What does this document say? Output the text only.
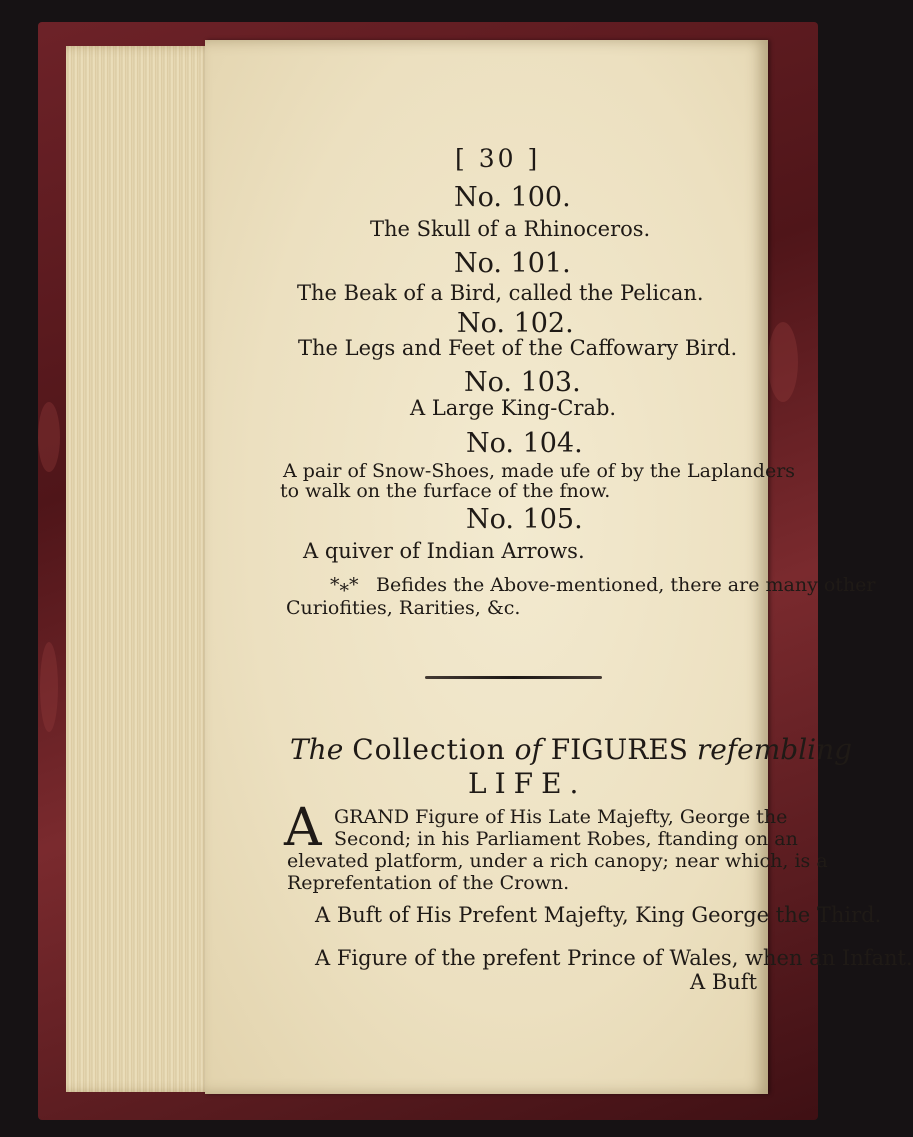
[ 30 ]
No. 100.
The Skull of a Rhinoceros.
No. 101.
The Beak of a Bird, called the Pelican.
No. 102.
The Legs and Feet of the Caffowary Bird.
No. 103.
A Large King-Crab.
No. 104.
A pair of Snow-Shoes, made ufe of by the Laplanders
to walk on the furface of the fnow.
No. 105.
A quiver of Indian Arrows.
*⁎* Befides the Above-mentioned, there are many other
Curiofities, Rarities, &c.
The Collection of FIGURES refembling
LIFE.
A GRAND Figure of His Late Majefty, George the
Second; in his Parliament Robes, ftanding on an
elevated platform, under a rich canopy; near which, is a
Reprefentation of the Crown.
A Buft of His Prefent Majefty, King George the Third.
A Figure of the prefent Prince of Wales, when an Infant.
A Buft
